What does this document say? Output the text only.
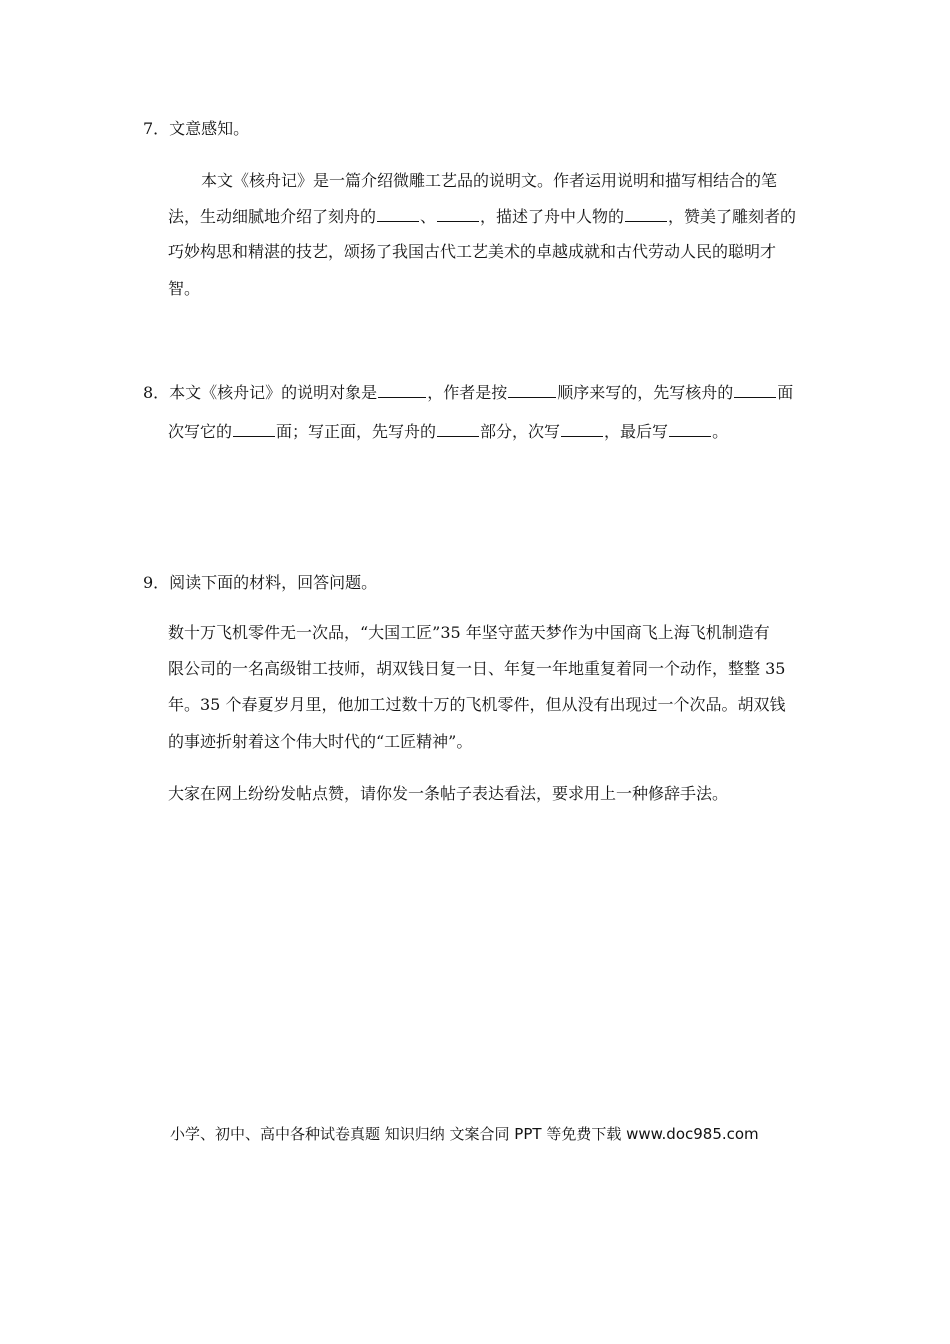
7．文意感知。
本文《核舟记》是一篇介绍微雕工艺品的说明文。作者运用说明和描写相结合的笔
法，生动细腻地介绍了刻舟的	、	，描述了舟中人物的	，赞美了雕刻者的
巧妙构思和精湛的技艺，颂扬了我国古代工艺美术的卓越成就和古代劳动人民的聪明才
智。
8．本文《核舟记》的说明对象是	，作者是按	顺序来写的，先写核舟的	面
次写它的	面；写正面，先写舟的	部分，次写	，最后写	。
9．阅读下面的材料，回答问题。
数十万飞机零件无一次品，“大国工匠”35 年坚守蓝天梦作为中国商飞上海飞机制造有
限公司的一名高级钳工技师，胡双钱日复一日、年复一年地重复着同一个动作，整整 35
年。35 个春夏岁月里，他加工过数十万的飞机零件，但从没有出现过一个次品。胡双钱
的事迹折射着这个伟大时代的“工匠精神”。
大家在网上纷纷发帖点赞，请你发一条帖子表达看法，要求用上一种修辞手法。
小学、初中、高中各种试卷真题 知识归纳 文案合同 PPT 等免费下载 www.doc985.com
